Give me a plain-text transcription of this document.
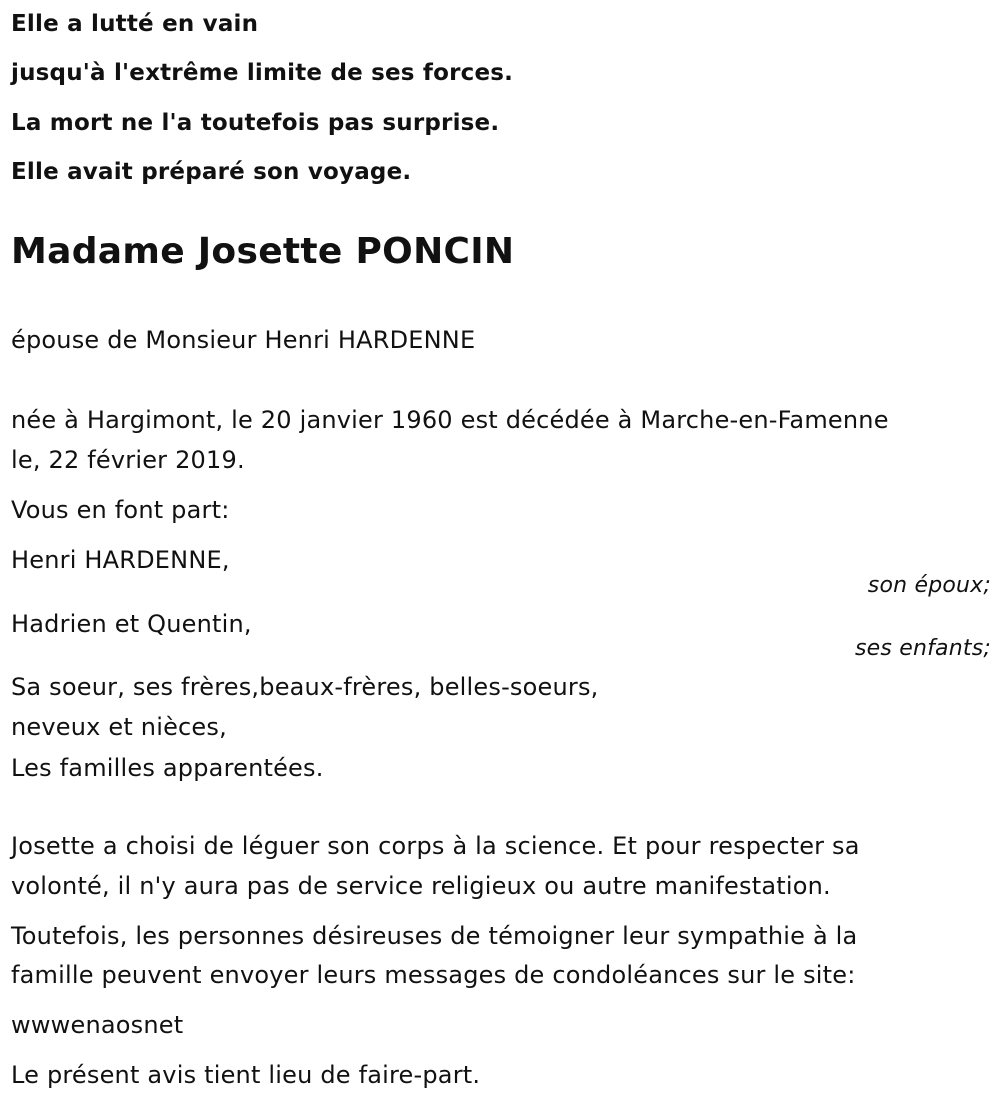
Elle a lutté en vain
jusqu'à l'extrême limite de ses forces.
La mort ne l'a toutefois pas surprise.
Elle avait préparé son voyage.
Madame Josette PONCIN
épouse de Monsieur Henri HARDENNE
née à Hargimont, le 20 janvier 1960 est décédée à Marche-en-Famenne
le, 22 février 2019.
Vous en font part:
Henri HARDENNE,
son époux;
Hadrien et Quentin,
ses enfants;
Sa soeur, ses frères,beaux-frères, belles-soeurs,
neveux et nièces,
Les familles apparentées.
Josette a choisi de léguer son corps à la science. Et pour respecter sa
volonté, il n'y aura pas de service religieux ou autre manifestation.
Toutefois, les personnes désireuses de témoigner leur sympathie à la
famille peuvent envoyer leurs messages de condoléances sur le site:
wwwenaosnet
Le présent avis tient lieu de faire-part.
